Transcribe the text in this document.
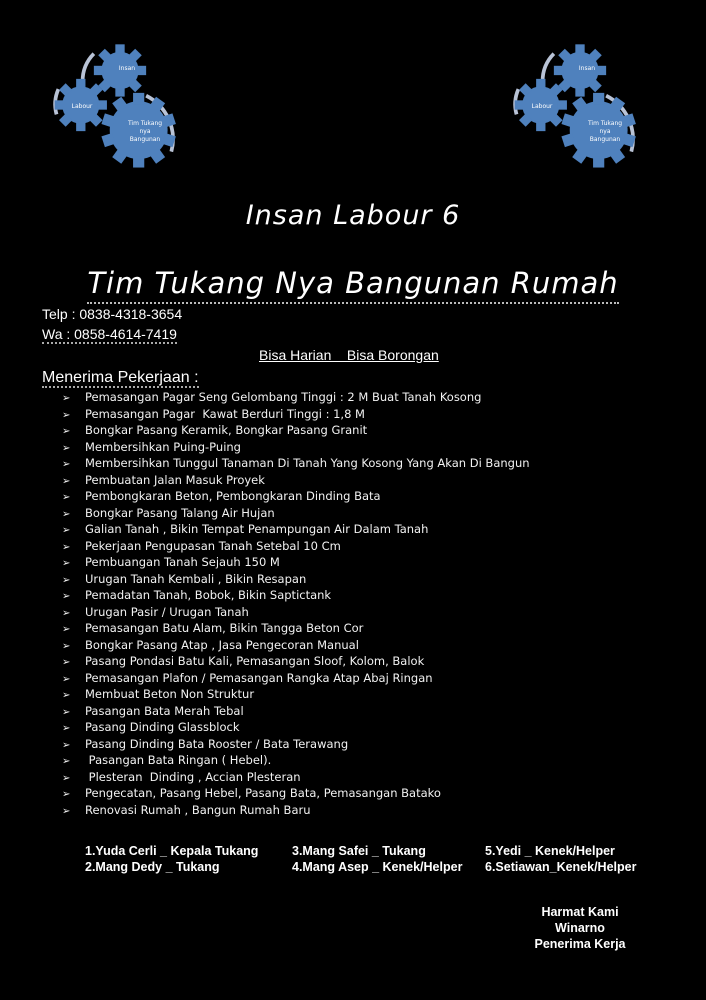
Insan
Labour
Tim Tukang
nya
Bangunan
Insan
Labour
Tim Tukang
nya
Bangunan
Insan Labour 6
Tim Tukang Nya Bangunan Rumah
Telp : 0838-4318-3654
Wa : 0858-4614-7419
Bisa Harian    Bisa Borongan
Menerima Pekerjaan :
➢ Pemasangan Pagar Seng Gelombang Tinggi : 2 M Buat Tanah Kosong
➢ Pemasangan Pagar  Kawat Berduri Tinggi : 1,8 M
➢ Bongkar Pasang Keramik, Bongkar Pasang Granit
➢ Membersihkan Puing-Puing
➢ Membersihkan Tunggul Tanaman Di Tanah Yang Kosong Yang Akan Di Bangun
➢ Pembuatan Jalan Masuk Proyek
➢ Pembongkaran Beton, Pembongkaran Dinding Bata
➢ Bongkar Pasang Talang Air Hujan
➢ Galian Tanah , Bikin Tempat Penampungan Air Dalam Tanah
➢ Pekerjaan Pengupasan Tanah Setebal 10 Cm
➢ Pembuangan Tanah Sejauh 150 M
➢ Urugan Tanah Kembali , Bikin Resapan
➢ Pemadatan Tanah, Bobok, Bikin Saptictank
➢ Urugan Pasir / Urugan Tanah
➢ Pemasangan Batu Alam, Bikin Tangga Beton Cor
➢ Bongkar Pasang Atap , Jasa Pengecoran Manual
➢ Pasang Pondasi Batu Kali, Pemasangan Sloof, Kolom, Balok
➢ Pemasangan Plafon / Pemasangan Rangka Atap Abaj Ringan
➢ Membuat Beton Non Struktur
➢ Pasangan Bata Merah Tebal
➢ Pasang Dinding Glassblock
➢ Pasang Dinding Bata Rooster / Bata Terawang
➢ Pasangan Bata Ringan ( Hebel).
➢ Plesteran  Dinding , Accian Plesteran
➢ Pengecatan, Pasang Hebel, Pasang Bata, Pemasangan Batako
➢ Renovasi Rumah , Bangun Rumah Baru
1.Yuda Cerli _ Kepala Tukang
2.Mang Dedy _ Tukang
3.Mang Safei _ Tukang
4.Mang Asep _ Kenek/Helper
5.Yedi _ Kenek/Helper
6.Setiawan_Kenek/Helper
Harmat Kami
Winarno
Penerima Kerja
